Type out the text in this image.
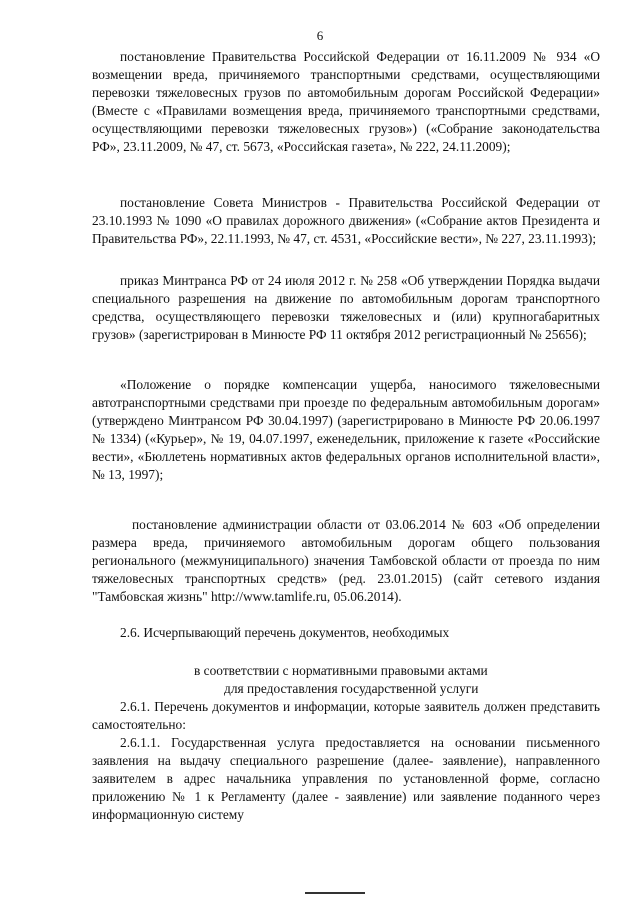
6

постановление Правительства Российской Федерации от 16.11.2009 № 934 «О возмещении вреда, причиняемого транспортными средствами, осуществляющими перевозки тяжеловесных грузов по автомобильным дорогам Российской Федерации» (Вместе с «Правилами возмещения вреда, причиняемого транспортными средствами, осуществляющими перевозки тяжеловесных грузов») («Собрание законодательства РФ», 23.11.2009, № 47, ст. 5673, «Российская газета», № 222, 24.11.2009);

постановление Совета Министров - Правительства Российской Федерации от 23.10.1993 № 1090 «О правилах дорожного движения» («Собрание актов Президента и Правительства РФ», 22.11.1993, № 47, ст. 4531, «Российские вести», № 227, 23.11.1993);

приказ Минтранса РФ от 24 июля 2012 г. № 258 «Об утверждении Порядка выдачи специального разрешения на движение по автомобильным дорогам транспортного средства, осуществляющего перевозки тяжеловесных и (или) крупногабаритных грузов» (зарегистрирован в Минюсте РФ 11 октября 2012 регистрационный № 25656);

«Положение о порядке компенсации ущерба, наносимого тяжеловесными автотранспортными средствами при проезде по федеральным автомобильным дорогам» (утверждено Минтрансом РФ 30.04.1997) (зарегистрировано в Минюсте РФ 20.06.1997 № 1334) («Курьер», № 19, 04.07.1997, еженедельник, приложение к газете «Российские вести», «Бюллетень нормативных актов федеральных органов исполнительной власти», № 13, 1997);

постановление администрации области от 03.06.2014 № 603 «Об определении размера вреда, причиняемого автомобильным дорогам общего пользования регионального (межмуниципального) значения Тамбовской области от проезда по ним тяжеловесных транспортных средств» (ред. 23.01.2015) (сайт сетевого издания "Тамбовская жизнь" http://www.tamlife.ru, 05.06.2014).

2.6. Исчерпывающий перечень документов, необходимых
в соответствии с нормативными правовыми актами
для предоставления государственной услуги

2.6.1. Перечень документов и информации, которые заявитель должен представить самостоятельно:

2.6.1.1. Государственная услуга предоставляется на основании письменного заявления на выдачу специального разрешение (далее- заявление), направленного заявителем в адрес начальника управления по установленной форме, согласно приложению № 1 к Регламенту (далее - заявление) или заявление поданного через информационную систему
